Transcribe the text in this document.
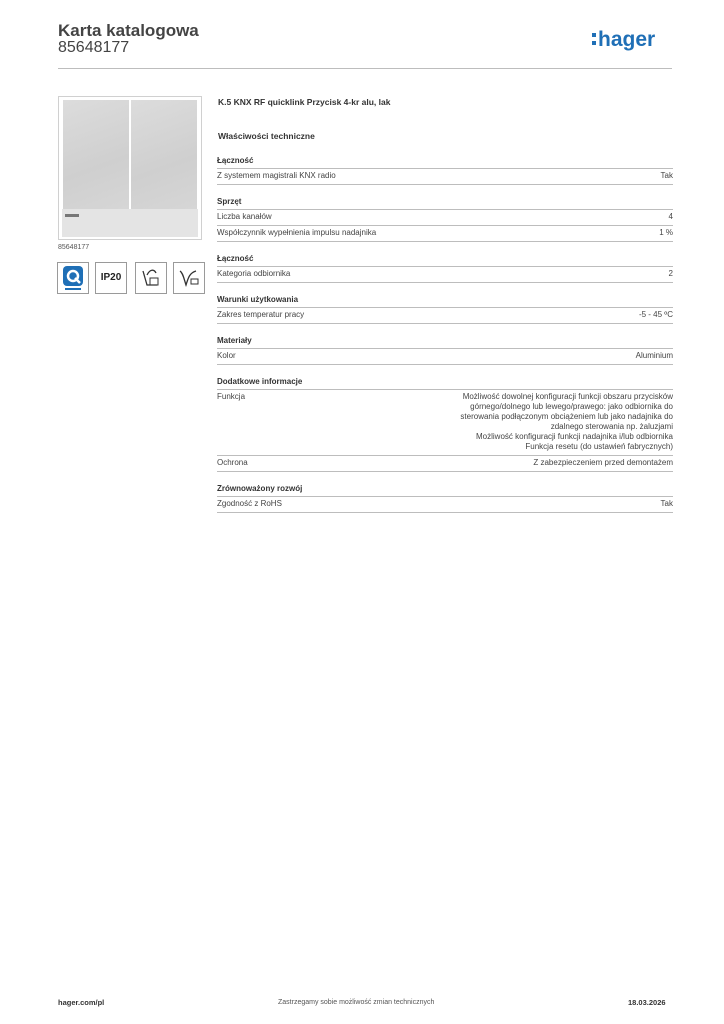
Karta katalogowa
85648177	hager
85648177
IP20
K.5 KNX RF quicklink Przycisk 4-kr alu, lak
Właściwości techniczne
Łączność
Z systemem magistrali KNX radio	Tak
Sprzęt
Liczba kanałów	4
Współczynnik wypełnienia impulsu nadajnika	1 %
Łączność
Kategoria odbiornika	2
Warunki użytkowania
Zakres temperatur pracy	-5 - 45 ºC
Materiały
Kolor	Aluminium
Dodatkowe informacje
Funkcja	Możliwość dowolnej konfiguracji funkcji obszaru przycisków
górnego/dolnego lub lewego/prawego: jako odbiornika do
sterowania podłączonym obciążeniem lub jako nadajnika do
zdalnego sterowania np. żaluzjami
Możliwość konfiguracji funkcji nadajnika i/lub odbiornika
Funkcja resetu (do ustawień fabrycznych)
Ochrona	Z zabezpieczeniem przed demontażem
Zrównoważony rozwój
Zgodność z RoHS	Tak
hager.com/pl	Zastrzegamy sobie możliwość zmian technicznych	18.03.2026
